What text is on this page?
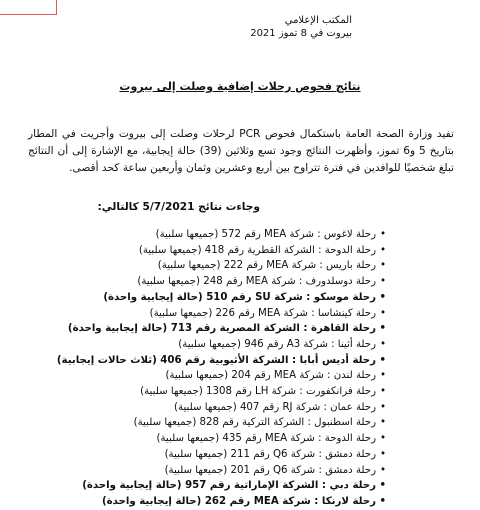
المكتب الإعلامي
بيروت في 8 تموز 2021
نتائج فحوص رحلات إضافية وصلت إلى بيروت
تفيد وزارة الصحة العامة باستكمال فحوص PCR لرحلات وصلت إلى بيروت وأجريت في المطار بتاريخ 5 و6 تموز، وأظهرت النتائج وجود تسع وثلاثين (39) حالة إيجابية، مع الإشارة إلى أن النتائج تبلغ شخصيًا للوافدين في فترة تتراوح بين أربع وعشرين وثمان وأربعين ساعة كحد أقصى.
وجاءت نتائج 5/7/2021 كالتالي:
• رحلة لاغوس : شركة MEA رقم 572 (جميعها سلبية)
• رحلة الدوحة : الشركة القطرية رقم 418 (جميعها سلبية)
• رحلة باريس : شركة MEA رقم 222 (جميعها سلبية)
• رحلة دوسلدورف : شركة MEA رقم 248 (جميعها سلبية)
• رحلة موسكو : شركة SU رقم 510 (حالة إيجابية واحدة)
• رحلة كينشاسا : شركة MEA رقم 226 (جميعها سلبية)
• رحلة القاهرة : الشركة المصرية رقم 713 (حالة إيجابية واحدة)
• رحلة أثينا : شركة A3 رقم 946 (جميعها سلبية)
• رحلة أديس أبابا : الشركة الأثيوبية رقم 406 (ثلاث حالات إيجابية)
• رحلة لندن : شركة MEA رقم 204 (جميعها سلبية)
• رحلة فرانكفورت : شركة LH رقم 1308 (جميعها سلبية)
• رحلة عمان : شركة RJ رقم 407 (جميعها سلبية)
• رحلة اسطنبول : الشركة التركية رقم 828 (جميعها سلبية)
• رحلة الدوحة : شركة MEA رقم 435 (جميعها سلبية)
• رحلة دمشق : شركة Q6 رقم 211 (جميعها سلبية)
• رحلة دمشق : شركة Q6 رقم 201 (جميعها سلبية)
• رحلة دبي : الشركة الإماراتية رقم 957 (حالة إيجابية واحدة)
• رحلة لارنكا : شركة MEA رقم 262 (حالة إيجابية واحدة)
